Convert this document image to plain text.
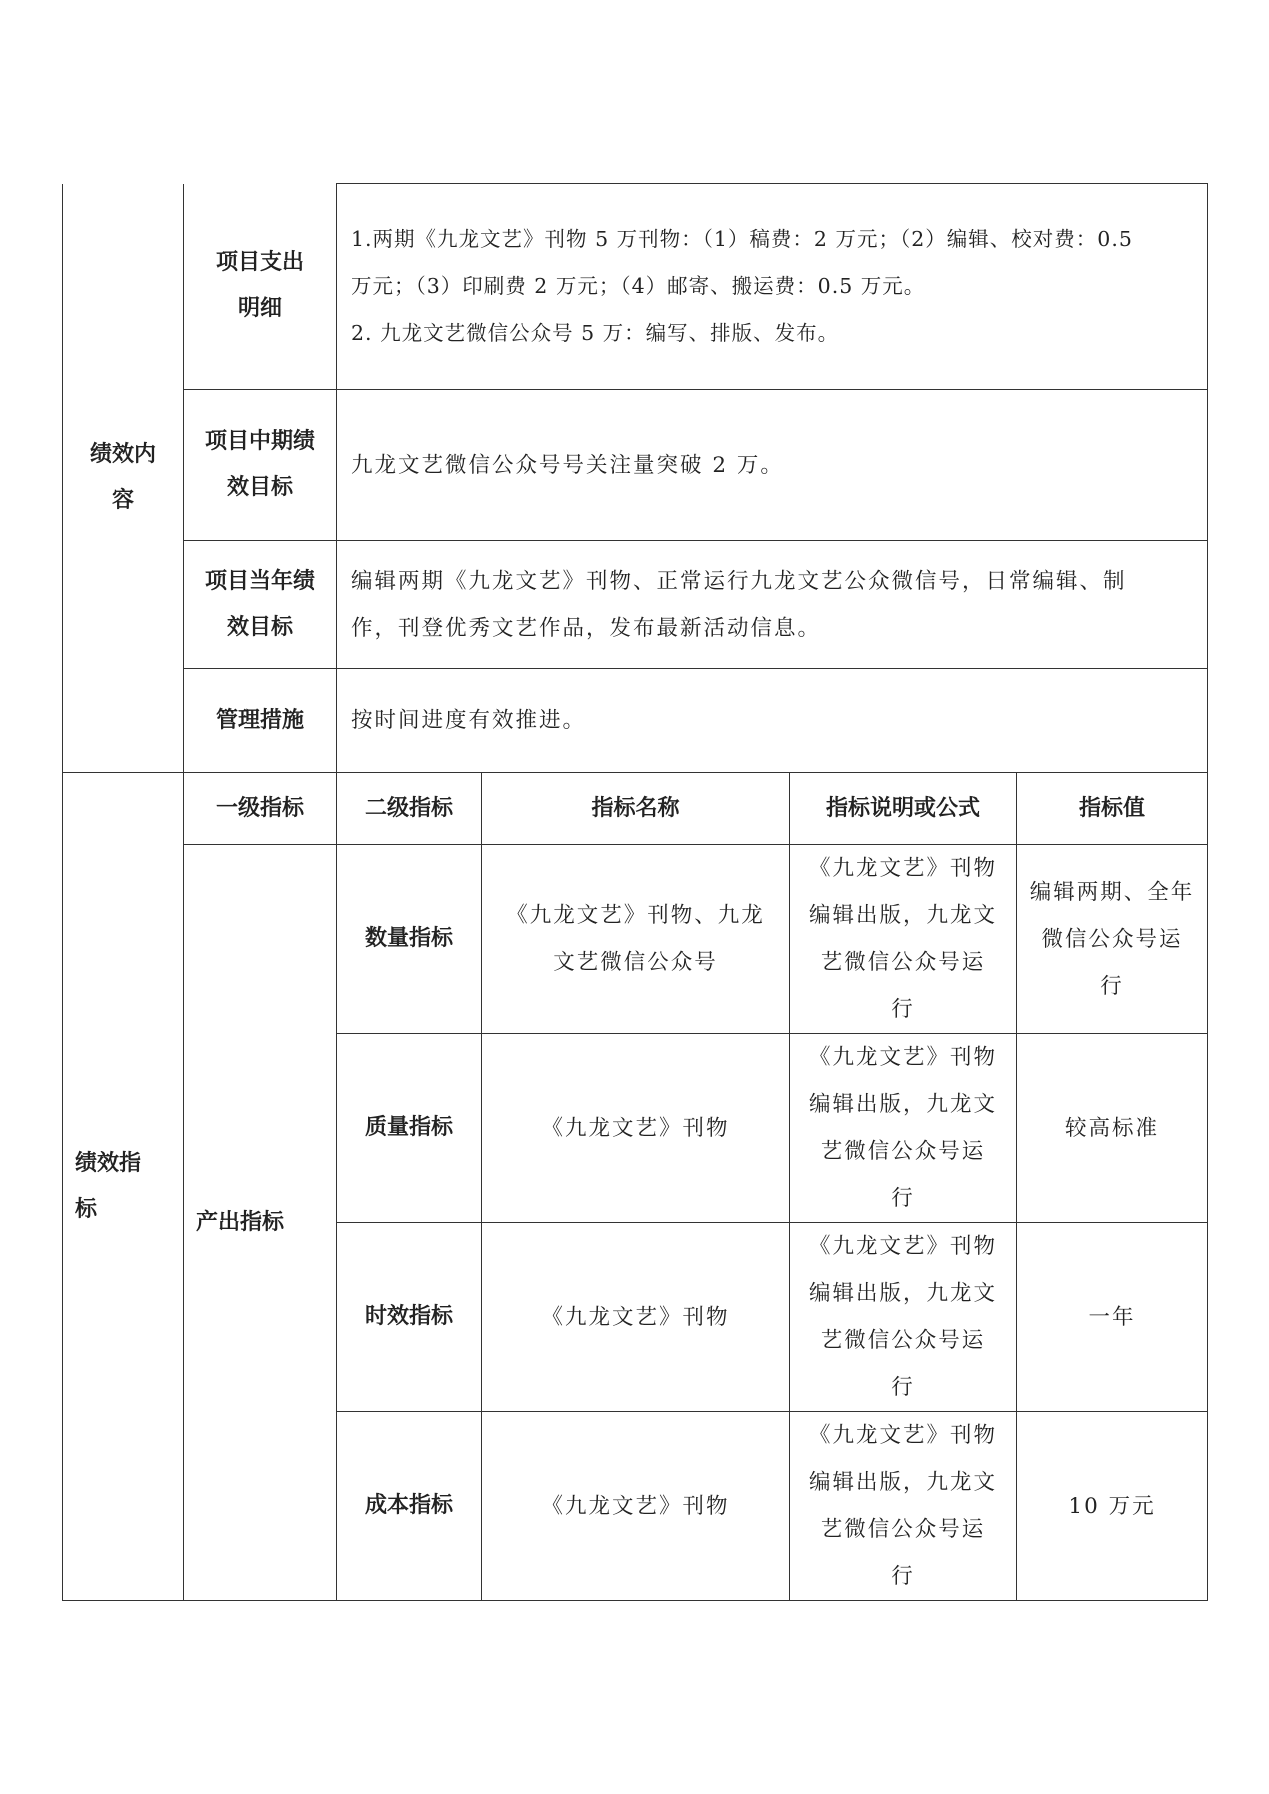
绩效内
容	项目支出
明细	1.两期《九龙文艺》刊物 5 万刊物：（1）稿费：2 万元；（2）编辑、校对费：0.5
万元；（3）印刷费 2 万元；（4）邮寄、搬运费：0.5 万元。
2. 九龙文艺微信公众号 5 万：编写、排版、发布。			

	项目中期绩
效目标	九龙文艺微信公众号号关注量突破 2 万。			

	项目当年绩
效目标	编辑两期《九龙文艺》刊物、正常运行九龙文艺公众微信号，日常编辑、制
作，刊登优秀文艺作品，发布最新活动信息。			

	管理措施	按时间进度有效推进。			

绩效指
标	一级指标	二级指标	指标名称	指标说明或公式	指标值
	产出指标	数量指标	《九龙文艺》刊物、九龙
文艺微信公众号	《九龙文艺》刊物
编辑出版，九龙文
艺微信公众号运
行	编辑两期、全年
微信公众号运
行

		质量指标	《九龙文艺》刊物	《九龙文艺》刊物
编辑出版，九龙文
艺微信公众号运
行	较高标准

		时效指标	《九龙文艺》刊物	《九龙文艺》刊物
编辑出版，九龙文
艺微信公众号运
行	一年

		成本指标	《九龙文艺》刊物	《九龙文艺》刊物
编辑出版，九龙文
艺微信公众号运
行	10 万元
